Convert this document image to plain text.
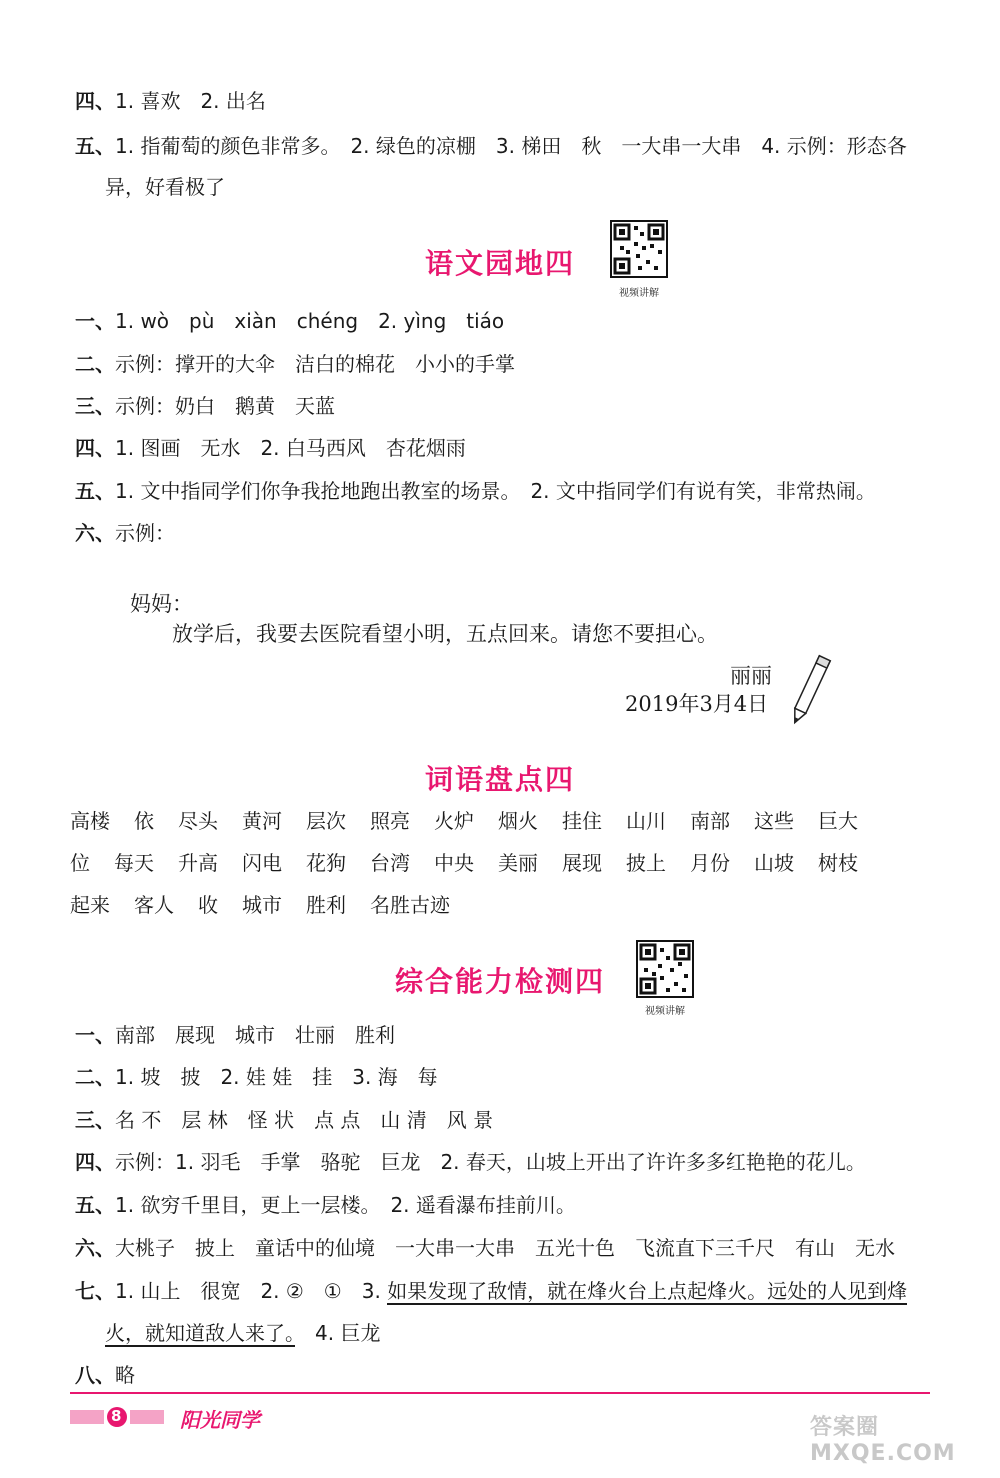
四、1. 喜欢　2. 出名
五、1. 指葡萄的颜色非常多。　2. 绿色的凉棚　3. 梯田　秋　一大串一大串　4. 示例：形态各
异，好看极了
语文园地四
视频讲解
一、1. wò　pù　xiàn　chéng　2. yìng　tiáo
二、示例：撑开的大伞　洁白的棉花　小小的手掌
三、示例：奶白　鹅黄　天蓝
四、1. 图画　无水　2. 白马西风　杏花烟雨
五、1. 文中指同学们你争我抢地跑出教室的场景。　2. 文中指同学们有说有笑，非常热闹。
六、示例：
妈妈：
放学后，我要去医院看望小明，五点回来。请您不要担心。
丽丽
2019年3月4日
词语盘点四
高楼 依 尽头 黄河 层次 照亮 火炉 烟火 挂住 山川 南部 这些 巨大
位 每天 升高 闪电 花狗 台湾 中央 美丽 展现 披上 月份 山坡 树枝
起来 客人 收 城市 胜利 名胜古迹
综合能力检测四
视频讲解
一、南部　展现　城市　壮丽　胜利
二、1. 坡　披　2. 娃 娃　挂　3. 海　每
三、名 不　层 林　怪 状　点 点　山 清　风 景
四、示例：1. 羽毛　手掌　骆驼　巨龙　2. 春天，山坡上开出了许许多多红艳艳的花儿。
五、1. 欲穷千里目，更上一层楼。　2. 遥看瀑布挂前川。
六、大桃子　披上　童话中的仙境　一大串一大串　五光十色　飞流直下三千尺　有山　无水
七、1. 山上　很宽　2. ②　①　3. 如果发现了敌情，就在烽火台上点起烽火。远处的人见到烽
火，就知道敌人来了。　4. 巨龙
八、略
8	阳光同学	答案圈 MXQE.COM
